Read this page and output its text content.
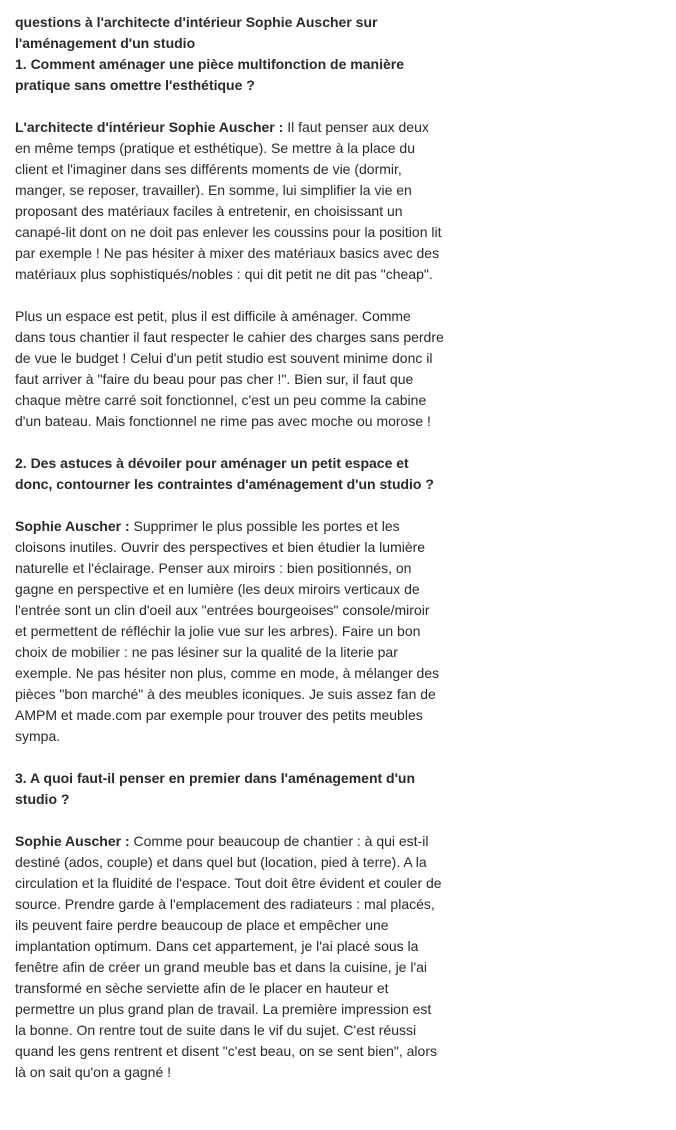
questions à l'architecte d'intérieur Sophie Auscher sur l'aménagement d'un studio

1. Comment aménager une pièce multifonction de manière pratique sans omettre l'esthétique ?

L'architecte d'intérieur Sophie Auscher : Il faut penser aux deux en même temps (pratique et esthétique). Se mettre à la place du client et l'imaginer dans ses différents moments de vie (dormir, manger, se reposer, travailler). En somme, lui simplifier la vie en proposant des matériaux faciles à entretenir, en choisissant un canapé-lit dont on ne doit pas enlever les coussins pour la position lit par exemple ! Ne pas hésiter à mixer des matériaux basics avec des matériaux plus sophistiqués/nobles : qui dit petit ne dit pas "cheap".

Plus un espace est petit, plus il est difficile à aménager. Comme dans tous chantier il faut respecter le cahier des charges sans perdre de vue le budget ! Celui d'un petit studio est souvent minime donc il faut arriver à "faire du beau pour pas cher !". Bien sur, il faut que chaque mètre carré soit fonctionnel, c'est un peu comme la cabine d'un bateau. Mais fonctionnel ne rime pas avec moche ou morose !

2. Des astuces à dévoiler pour aménager un petit espace et donc, contourner les contraintes d'aménagement d'un studio ?

Sophie Auscher : Supprimer le plus possible les portes et les cloisons inutiles. Ouvrir des perspectives et bien étudier la lumière naturelle et l'éclairage. Penser aux miroirs : bien positionnés, on gagne en perspective et en lumière (les deux miroirs verticaux de l'entrée sont un clin d'oeil aux "entrées bourgeoises" console/miroir et permettent de réfléchir la jolie vue sur les arbres). Faire un bon choix de mobilier : ne pas lésiner sur la qualité de la literie par exemple. Ne pas hésiter non plus, comme en mode, à mélanger des pièces "bon marché" à des meubles iconiques. Je suis assez fan de AMPM et made.com par exemple pour trouver des petits meubles sympa.

3. A quoi faut-il penser en premier dans l'aménagement d'un studio ?

Sophie Auscher : Comme pour beaucoup de chantier : à qui est-il destiné (ados, couple) et dans quel but (location, pied à terre). A la circulation et la fluidité de l'espace. Tout doit être évident et couler de source. Prendre garde à l'emplacement des radiateurs : mal placés, ils peuvent faire perdre beaucoup de place et empêcher une implantation optimum. Dans cet appartement, je l'ai placé sous la fenêtre afin de créer un grand meuble bas et dans la cuisine, je l'ai transformé en sèche serviette afin de le placer en hauteur et permettre un plus grand plan de travail. La première impression est la bonne. On rentre tout de suite dans le vif du sujet. C'est réussi quand les gens rentrent et disent "c'est beau, on se sent bien", alors là on sait qu'on a gagné !
